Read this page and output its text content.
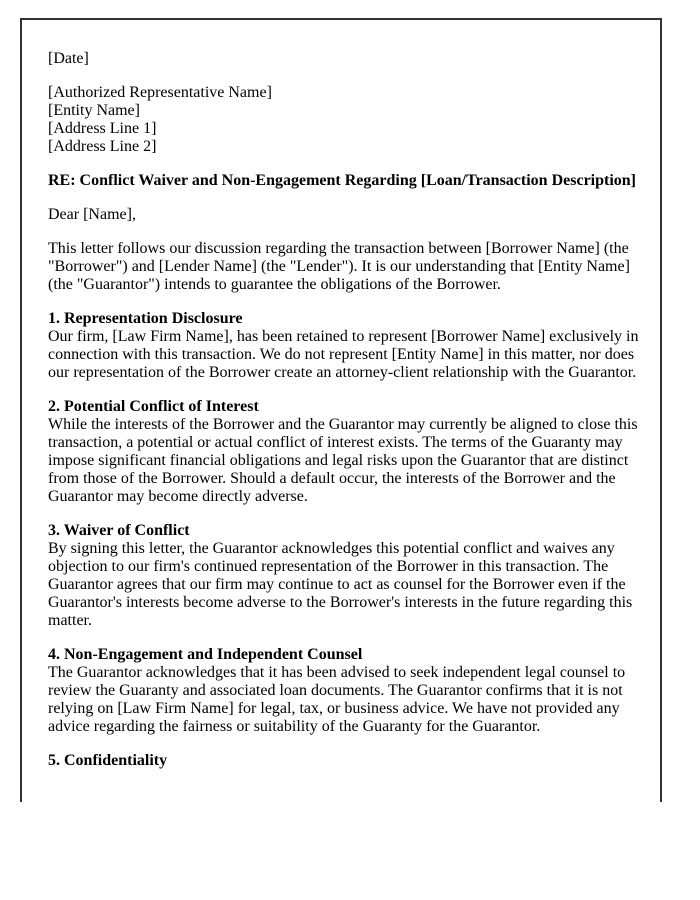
[Date]

[Authorized Representative Name]
[Entity Name]
[Address Line 1]
[Address Line 2]

RE: Conflict Waiver and Non-Engagement Regarding [Loan/Transaction Description]

Dear [Name],

This letter follows our discussion regarding the transaction between [Borrower Name] (the "Borrower") and [Lender Name] (the "Lender"). It is our understanding that [Entity Name] (the "Guarantor") intends to guarantee the obligations of the Borrower.

1. Representation Disclosure
Our firm, [Law Firm Name], has been retained to represent [Borrower Name] exclusively in connection with this transaction. We do not represent [Entity Name] in this matter, nor does our representation of the Borrower create an attorney-client relationship with the Guarantor.

2. Potential Conflict of Interest
While the interests of the Borrower and the Guarantor may currently be aligned to close this transaction, a potential or actual conflict of interest exists. The terms of the Guaranty may impose significant financial obligations and legal risks upon the Guarantor that are distinct from those of the Borrower. Should a default occur, the interests of the Borrower and the Guarantor may become directly adverse.

3. Waiver of Conflict
By signing this letter, the Guarantor acknowledges this potential conflict and waives any objection to our firm's continued representation of the Borrower in this transaction. The Guarantor agrees that our firm may continue to act as counsel for the Borrower even if the Guarantor's interests become adverse to the Borrower's interests in the future regarding this matter.

4. Non-Engagement and Independent Counsel
The Guarantor acknowledges that it has been advised to seek independent legal counsel to review the Guaranty and associated loan documents. The Guarantor confirms that it is not relying on [Law Firm Name] for legal, tax, or business advice. We have not provided any advice regarding the fairness or suitability of the Guaranty for the Guarantor.

5. Confidentiality
